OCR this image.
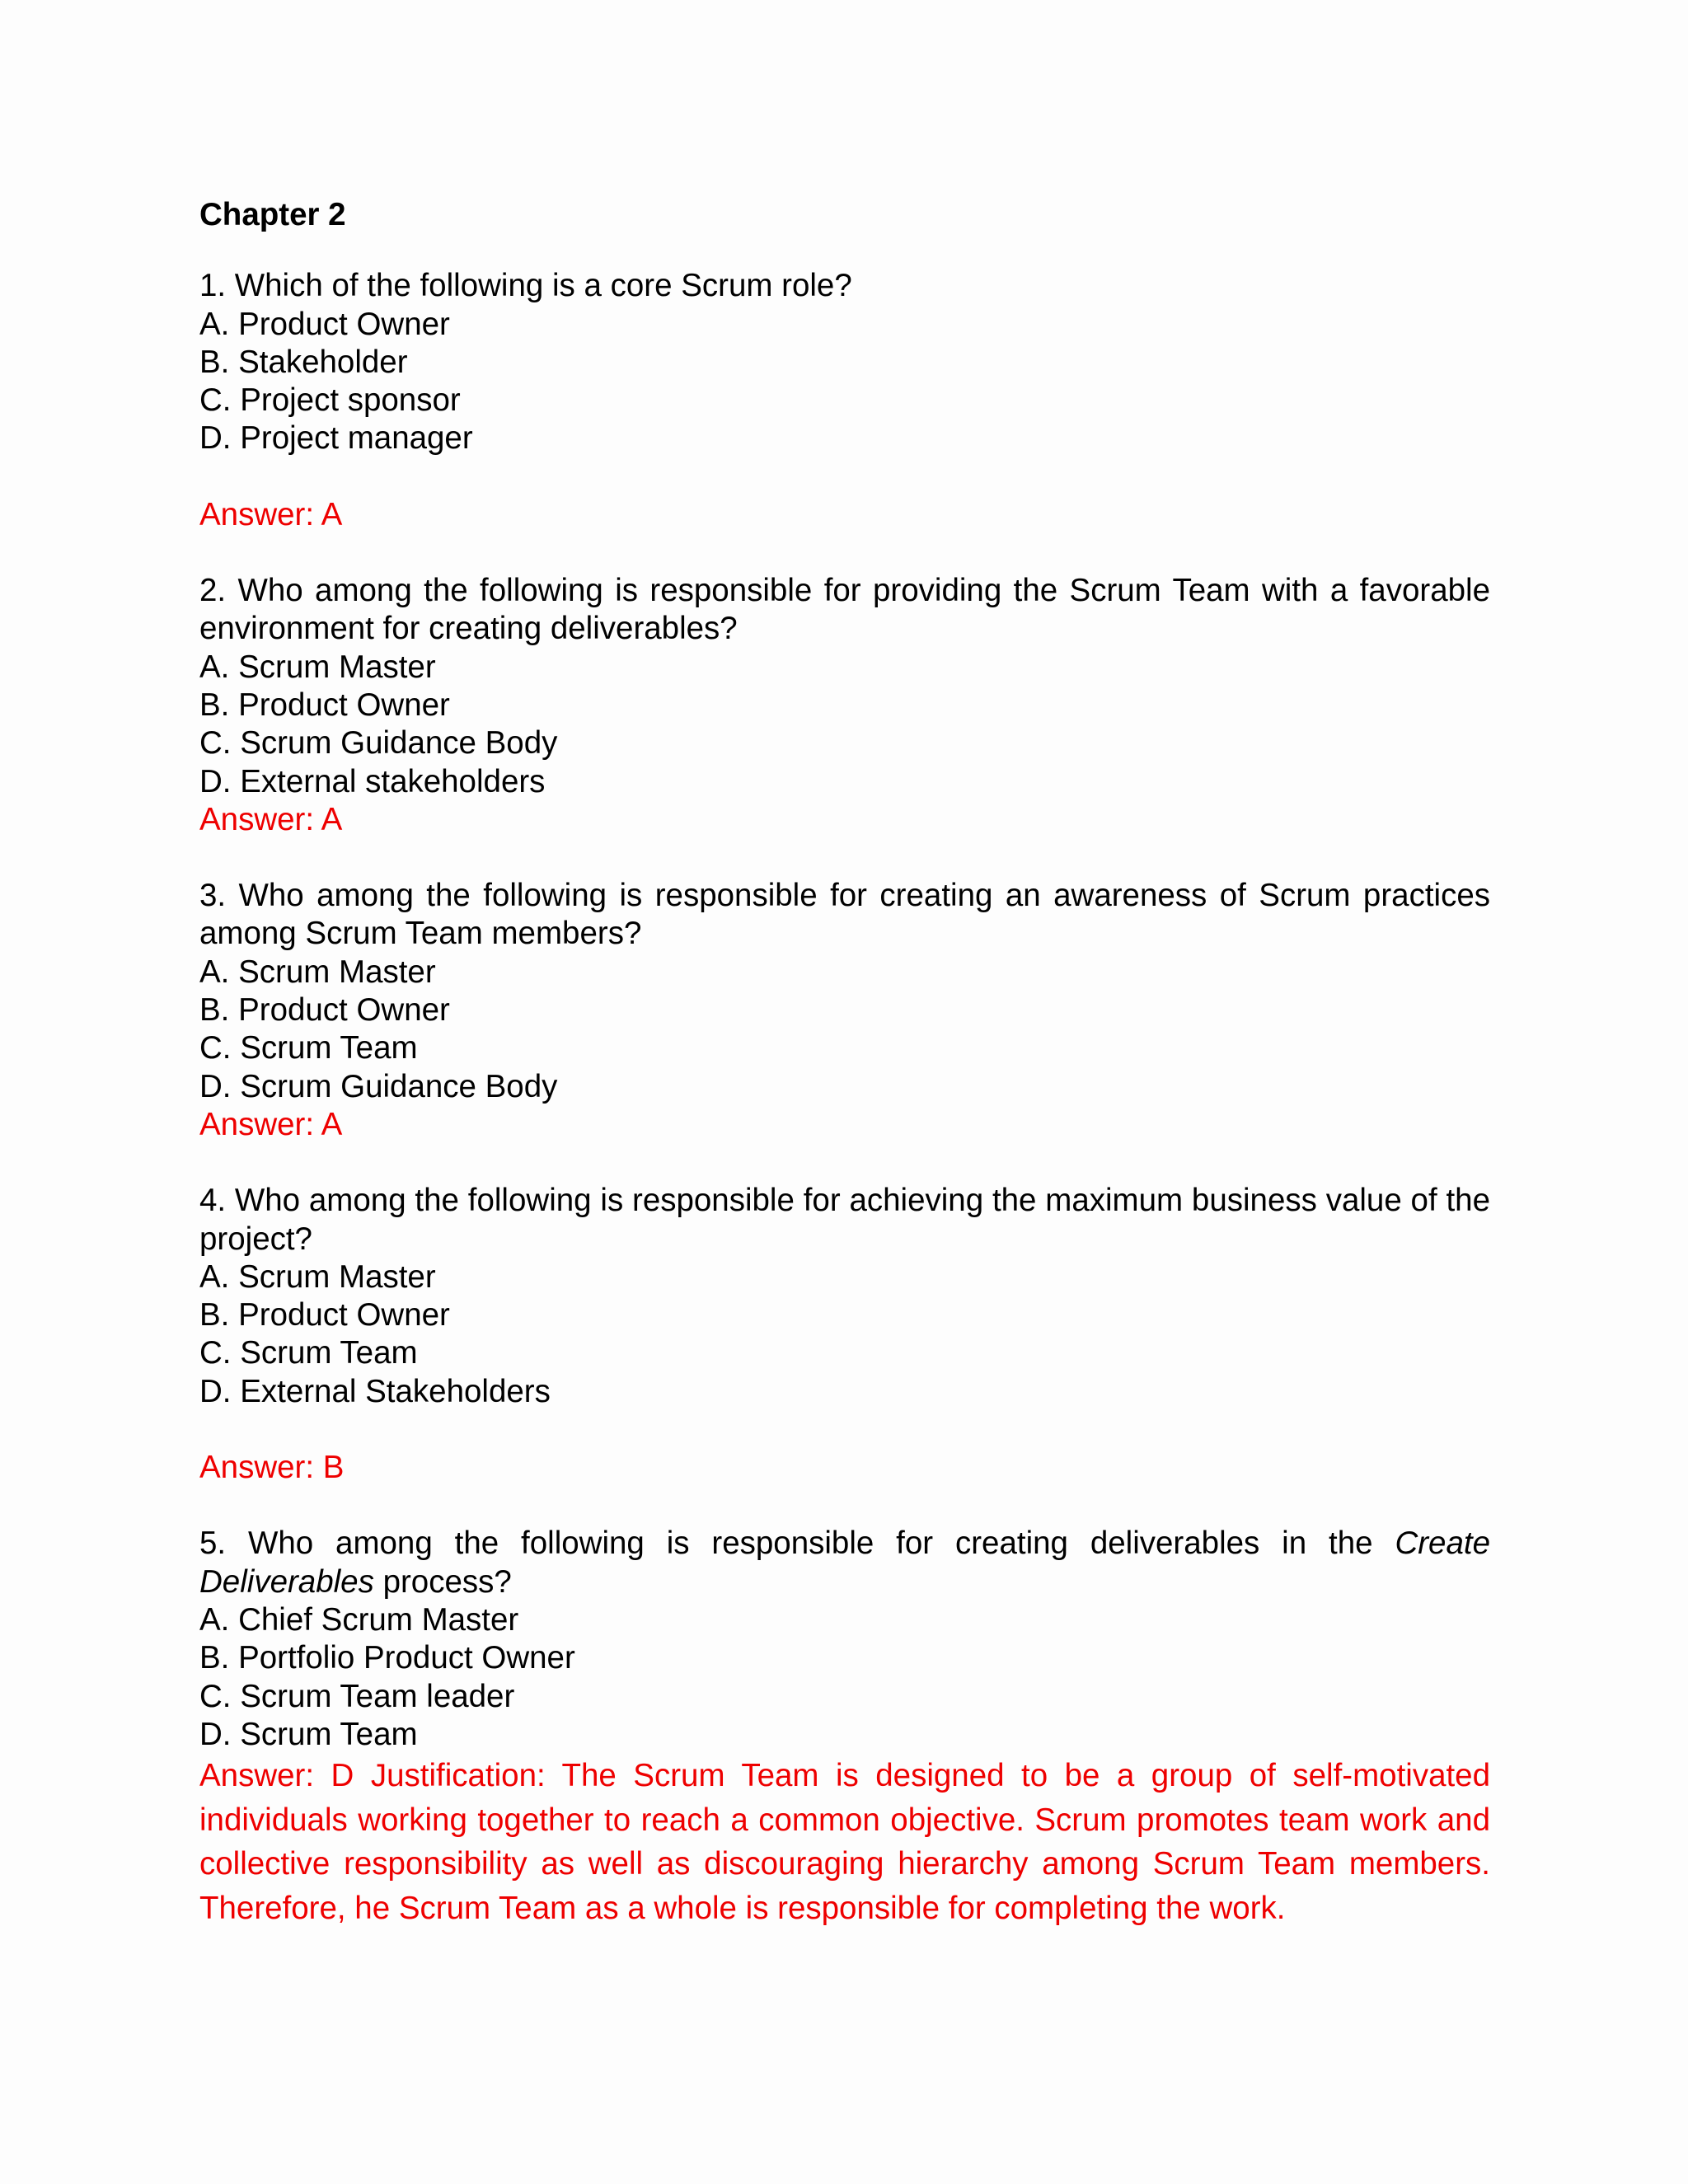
Chapter 2
1. Which of the following is a core Scrum role?
A. Product Owner
B. Stakeholder
C. Project sponsor
D. Project manager
Answer: A
2. Who among the following is responsible for providing the Scrum Team with a favorable environment for creating deliverables?
A. Scrum Master
B. Product Owner
C. Scrum Guidance Body
D. External stakeholders
Answer: A
3. Who among the following is responsible for creating an awareness of Scrum practices among Scrum Team members?
A. Scrum Master
B. Product Owner
C. Scrum Team
D. Scrum Guidance Body
Answer: A
4. Who among the following is responsible for achieving the maximum business value of the project?
A. Scrum Master
B. Product Owner
C. Scrum Team
D. External Stakeholders
Answer: B
5. Who among the following is responsible for creating deliverables in the Create Deliverables process?
A. Chief Scrum Master
B. Portfolio Product Owner
C. Scrum Team leader
D. Scrum Team
Answer: D Justification: The Scrum Team is designed to be a group of self-motivated individuals working together to reach a common objective. Scrum promotes team work and collective responsibility as well as discouraging hierarchy among Scrum Team members. Therefore, he Scrum Team as a whole is responsible for completing the work.
